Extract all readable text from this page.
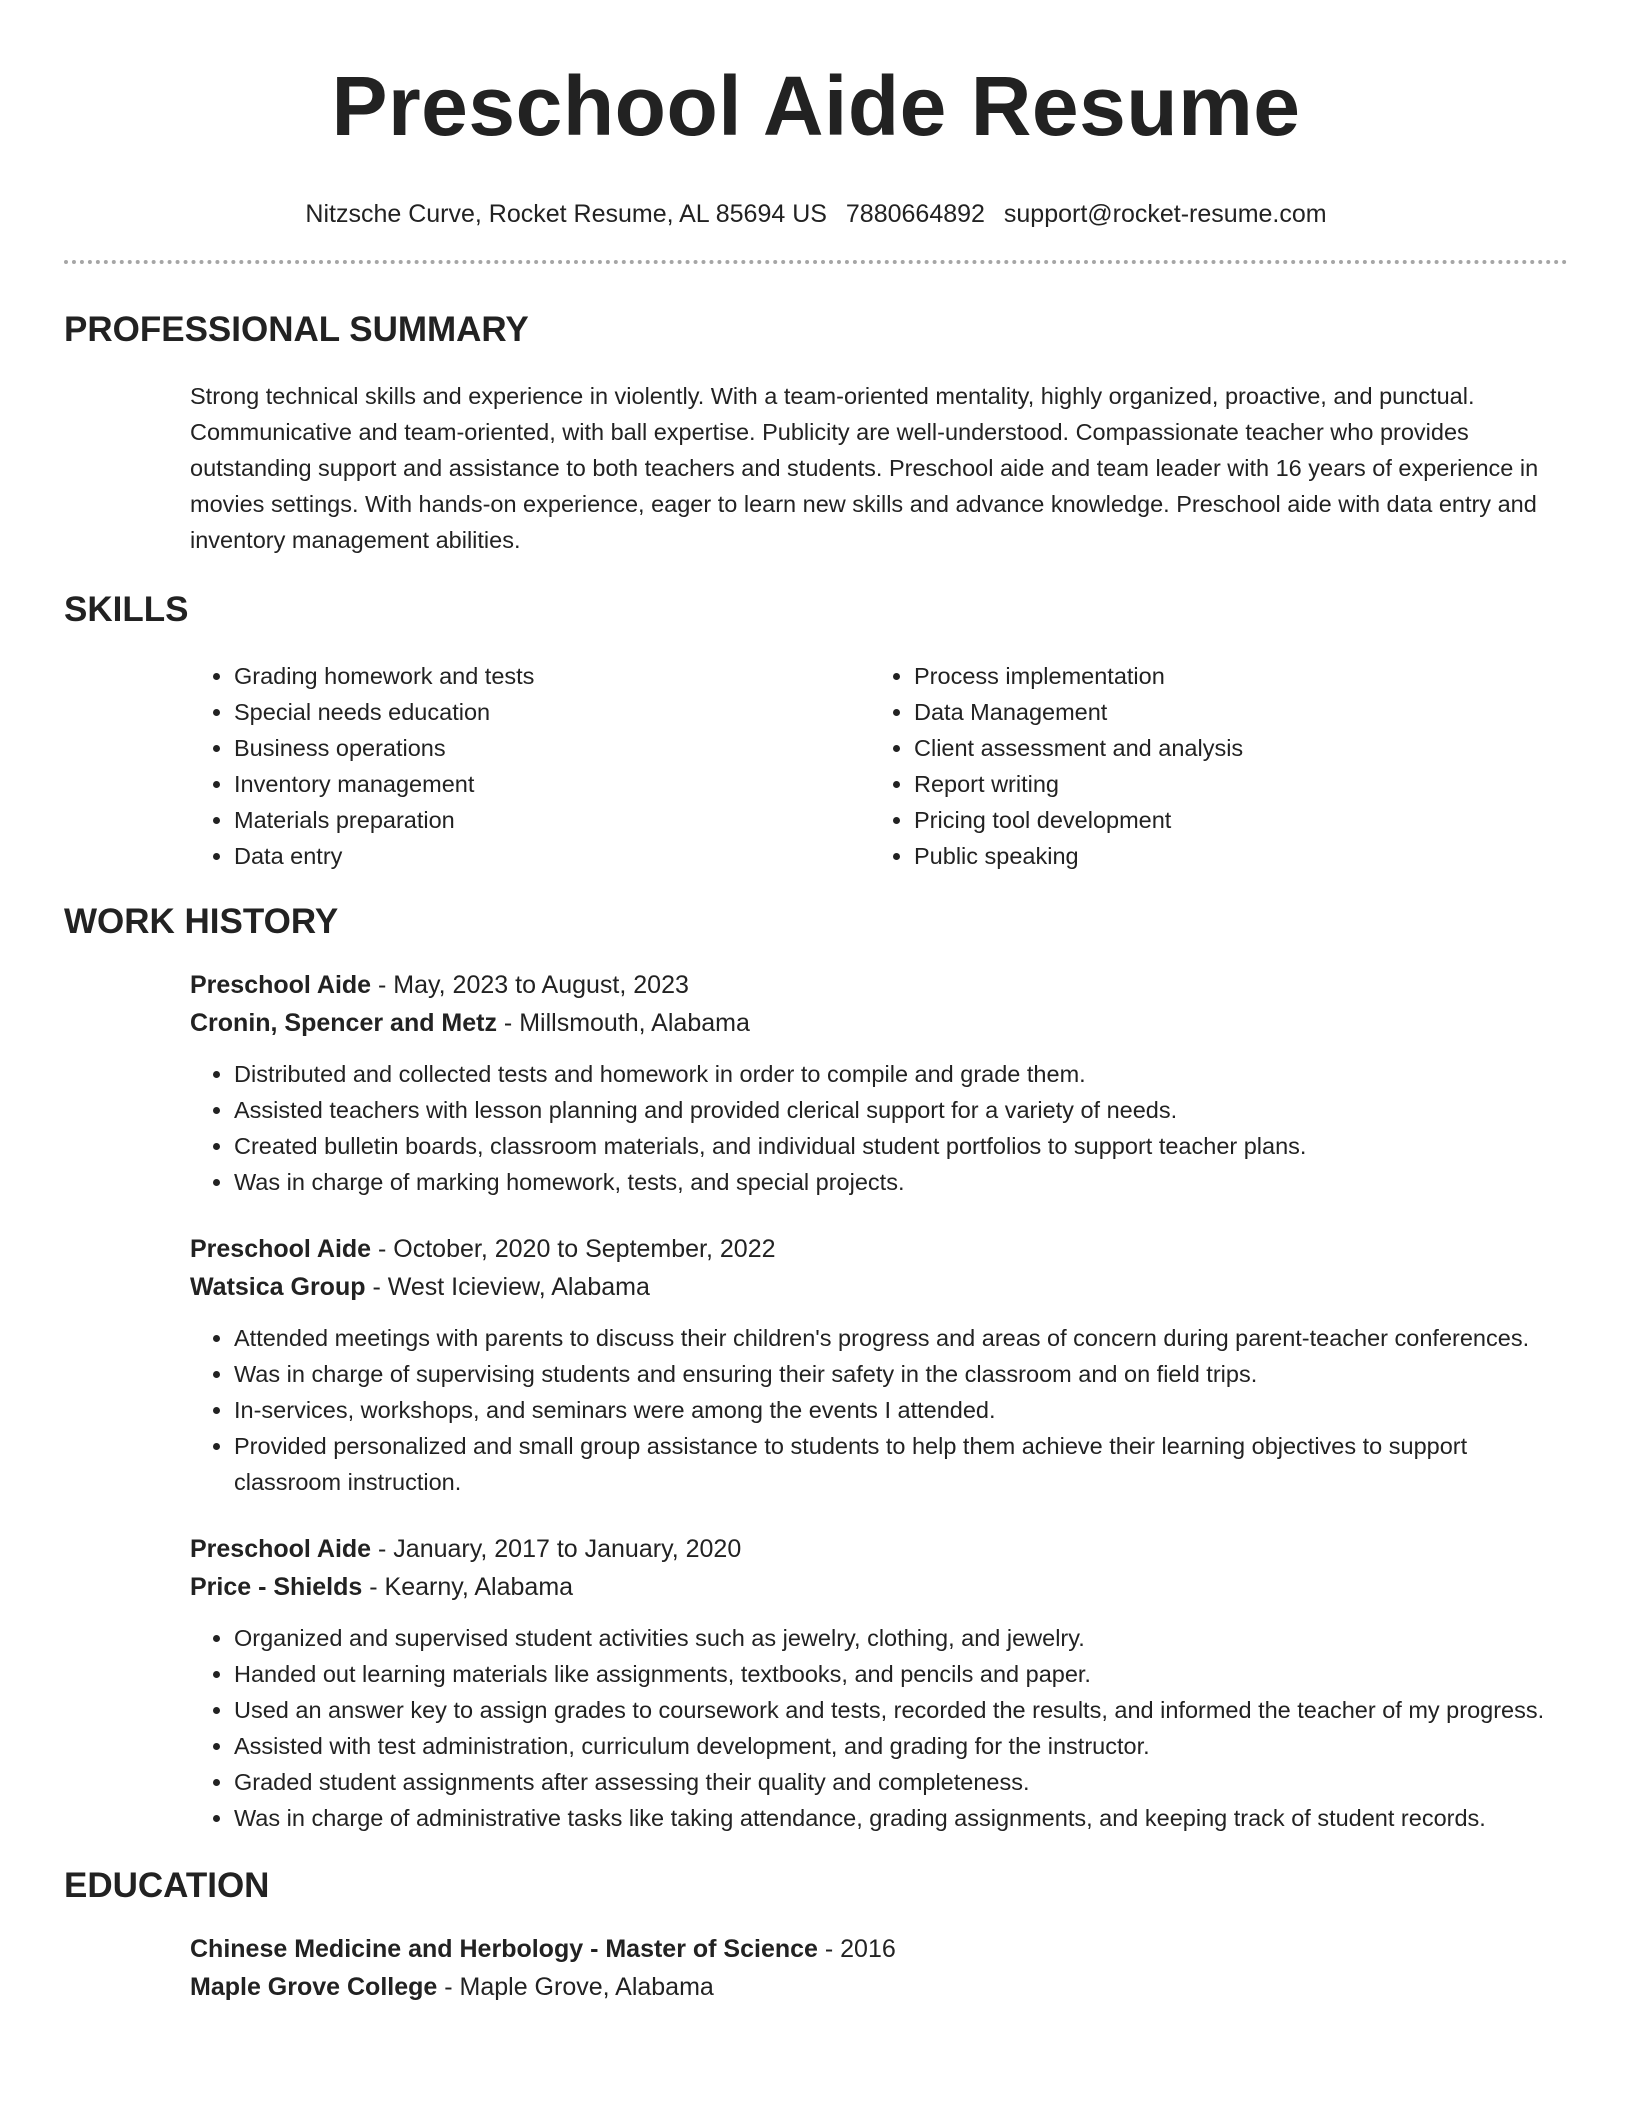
Preschool Aide Resume
Nitzsche Curve, Rocket Resume, AL 85694 US 7880664892 support@rocket-resume.com
PROFESSIONAL SUMMARY

Strong technical skills and experience in violently. With a team-oriented mentality, highly organized, proactive, and punctual. Communicative and team-oriented, with ball expertise. Publicity are well-understood. Compassionate teacher who provides outstanding support and assistance to both teachers and students. Preschool aide and team leader with 16 years of experience in movies settings. With hands-on experience, eager to learn new skills and advance knowledge. Preschool aide with data entry and inventory management abilities.

SKILLS
• Grading homework and tests
• Special needs education
• Business operations
• Inventory management
• Materials preparation
• Data entry
• Process implementation
• Data Management
• Client assessment and analysis
• Report writing
• Pricing tool development
• Public speaking
WORK HISTORY
Preschool Aide - May, 2023 to August, 2023
Cronin, Spencer and Metz - Millsmouth, Alabama
• Distributed and collected tests and homework in order to compile and grade them.
• Assisted teachers with lesson planning and provided clerical support for a variety of needs.
• Created bulletin boards, classroom materials, and individual student portfolios to support teacher plans.
• Was in charge of marking homework, tests, and special projects.
Preschool Aide - October, 2020 to September, 2022
Watsica Group - West Icieview, Alabama
• Attended meetings with parents to discuss their children's progress and areas of concern during parent-teacher conferences.
• Was in charge of supervising students and ensuring their safety in the classroom and on field trips.
• In-services, workshops, and seminars were among the events I attended.
• Provided personalized and small group assistance to students to help them achieve their learning objectives to support classroom instruction.
Preschool Aide - January, 2017 to January, 2020
Price - Shields - Kearny, Alabama
• Organized and supervised student activities such as jewelry, clothing, and jewelry.
• Handed out learning materials like assignments, textbooks, and pencils and paper.
• Used an answer key to assign grades to coursework and tests, recorded the results, and informed the teacher of my progress.
• Assisted with test administration, curriculum development, and grading for the instructor.
• Graded student assignments after assessing their quality and completeness.
• Was in charge of administrative tasks like taking attendance, grading assignments, and keeping track of student records.
EDUCATION
Chinese Medicine and Herbology - Master of Science - 2016
Maple Grove College - Maple Grove, Alabama
